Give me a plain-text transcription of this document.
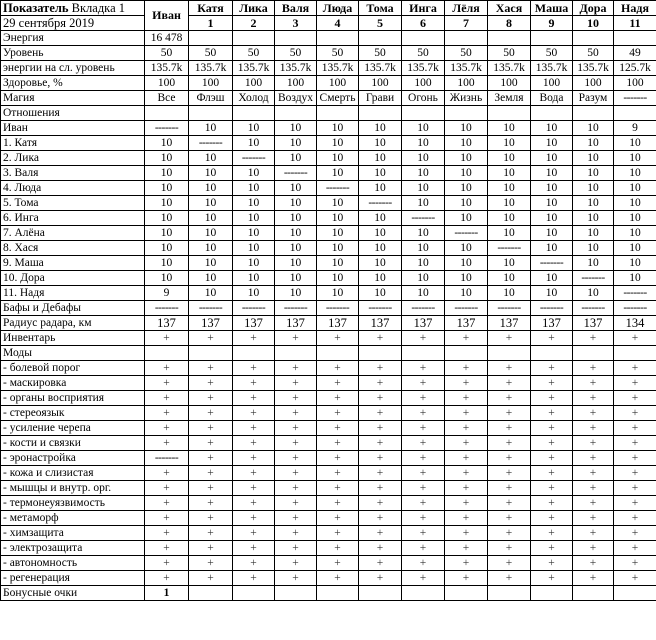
Показатель Вкладка 1	Иван	Катя	Лика	Валя	Люда	Тома	Инга	Лёля	Хася	Маша	Дора	Надя
29 сентября 2019		1	2	3	4	5	6	7	8	9	10	11
Энергия	16 478											
Уровень	50	50	50	50	50	50	50	50	50	50	50	49
энергии на сл. уровень	135.7k	135.7k	135.7k	135.7k	135.7k	135.7k	135.7k	135.7k	135.7k	135.7k	135.7k	125.7k
Здоровье, %	100	100	100	100	100	100	100	100	100	100	100	100
Магия	Все	Флэш	Холод	Воздух	Смерть	Грави	Огонь	Жизнь	Земля	Вода	Разум	-------
Отношения												
Иван	-------	10	10	10	10	10	10	10	10	10	10	9
1. Катя	10	-------	10	10	10	10	10	10	10	10	10	10
2. Лика	10	10	-------	10	10	10	10	10	10	10	10	10
3. Валя	10	10	10	-------	10	10	10	10	10	10	10	10
4. Люда	10	10	10	10	-------	10	10	10	10	10	10	10
5. Тома	10	10	10	10	10	-------	10	10	10	10	10	10
6. Инга	10	10	10	10	10	10	-------	10	10	10	10	10
7. Алёна	10	10	10	10	10	10	10	-------	10	10	10	10
8. Хася	10	10	10	10	10	10	10	10	-------	10	10	10
9. Маша	10	10	10	10	10	10	10	10	10	-------	10	10
10. Дора	10	10	10	10	10	10	10	10	10	10	-------	10
11. Надя	9	10	10	10	10	10	10	10	10	10	10	-------
Бафы и Дебафы	-------	-------	-------	-------	-------	-------	-------	-------	-------	-------	-------	-------
Радиус радара, км	137	137	137	137	137	137	137	137	137	137	137	134
Инвентарь	+	+	+	+	+	+	+	+	+	+	+	+
Моды												
- болевой порог	+	+	+	+	+	+	+	+	+	+	+	+
- маскировка	+	+	+	+	+	+	+	+	+	+	+	+
- органы восприятия	+	+	+	+	+	+	+	+	+	+	+	+
- стереоязык	+	+	+	+	+	+	+	+	+	+	+	+
- усиление черепа	+	+	+	+	+	+	+	+	+	+	+	+
- кости и связки	+	+	+	+	+	+	+	+	+	+	+	+
- эронастройка	-------	+	+	+	+	+	+	+	+	+	+	+
- кожа и слизистая	+	+	+	+	+	+	+	+	+	+	+	+
- мышцы и внутр. орг.	+	+	+	+	+	+	+	+	+	+	+	+
- термонеуязвимость	+	+	+	+	+	+	+	+	+	+	+	+
- метаморф	+	+	+	+	+	+	+	+	+	+	+	+
- химзащита	+	+	+	+	+	+	+	+	+	+	+	+
- электрозащита	+	+	+	+	+	+	+	+	+	+	+	+
- автономность	+	+	+	+	+	+	+	+	+	+	+	+
- регенерация	+	+	+	+	+	+	+	+	+	+	+	+
Бонусные очки	1											
